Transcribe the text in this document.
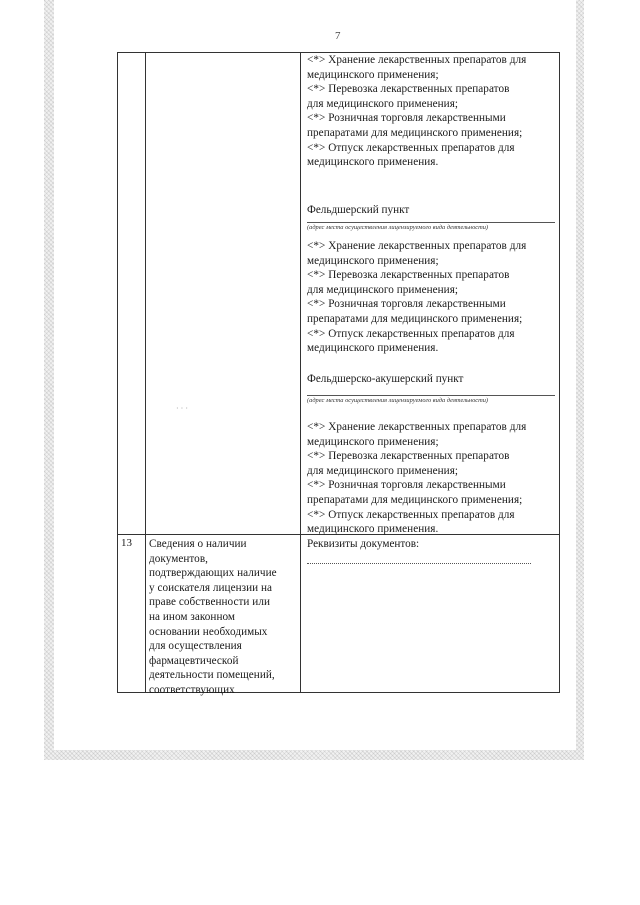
7
<*> Хранение лекарственных препаратов для
медицинского применения;
<*> Перевозка лекарственных препаратов
для медицинского применения;
<*> Розничная торговля лекарственными
препаратами для медицинского применения;
<*> Отпуск лекарственных препаратов для
медицинского применения.
Фельдшерский пункт
(адрес места осуществления лицензируемого вида деятельности)
<*> Хранение лекарственных препаратов для
медицинского применения;
<*> Перевозка лекарственных препаратов
для медицинского применения;
<*> Розничная торговля лекарственными
препаратами для медицинского применения;
<*> Отпуск лекарственных препаратов для
медицинского применения.
Фельдшерско-акушерский пункт
(адрес места осуществления лицензируемого вида деятельности)
<*> Хранение лекарственных препаратов для
медицинского применения;
<*> Перевозка лекарственных препаратов
для медицинского применения;
<*> Розничная торговля лекарственными
препаратами для медицинского применения;
<*> Отпуск лекарственных препаратов для
медицинского применения.
13 Сведения о наличии
документов,
подтверждающих наличие
у соискателя лицензии на
праве собственности или
на ином законном
основании необходимых
для осуществления
фармацевтической
деятельности помещений,
соответствующих
Реквизиты документов:
· · ·
